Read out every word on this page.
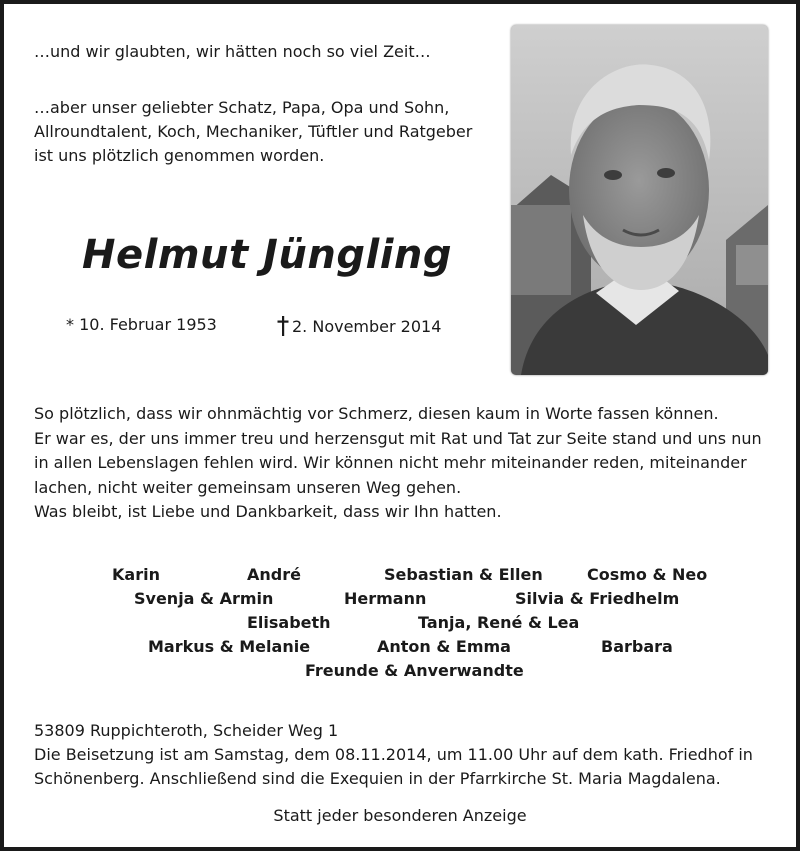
…und wir glaubten, wir hätten noch so viel Zeit…

…aber unser geliebter Schatz, Papa, Opa und Sohn,
Allroundtalent, Koch, Mechaniker, Tüftler und Ratgeber
ist uns plötzlich genommen worden.

Helmut Jüngling
* 10. Februar 1953	2. November 2014

So plötzlich, dass wir ohnmächtig vor Schmerz, diesen kaum in Worte fassen können.
Er war es, der uns immer treu und herzensgut mit Rat und Tat zur Seite stand und uns nun
in allen Lebenslagen fehlen wird. Wir können nicht mehr miteinander reden, miteinander
lachen, nicht weiter gemeinsam unseren Weg gehen.
Was bleibt, ist Liebe und Dankbarkeit, dass wir Ihn hatten.

Karin	André	Sebastian & Ellen	Cosmo & Neo
Svenja & Armin	Hermann	Silvia & Friedhelm
Elisabeth	Tanja, René & Lea
Markus & Melanie	Anton & Emma	Barbara
Freunde & Anverwandte

53809 Ruppichteroth, Scheider Weg 1
Die Beisetzung ist am Samstag, dem 08.11.2014, um 11.00 Uhr auf dem kath. Friedhof in
Schönenberg. Anschließend sind die Exequien in der Pfarrkirche St. Maria Magdalena.

Statt jeder besonderen Anzeige
